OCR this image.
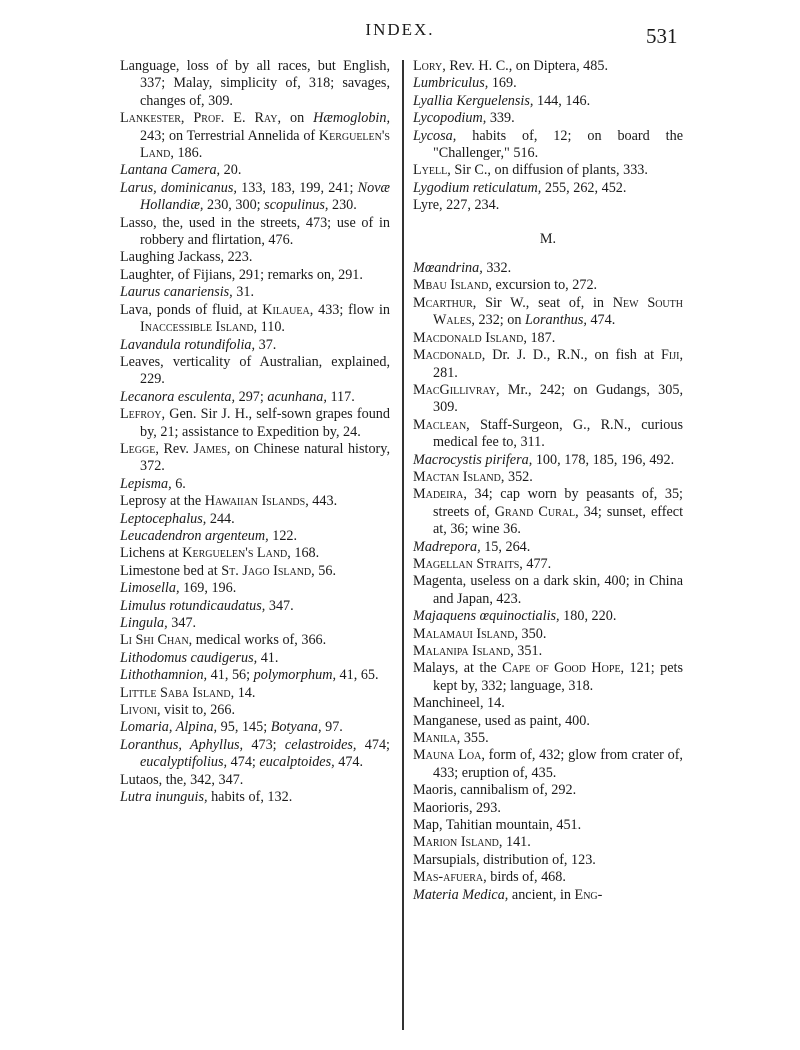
INDEX.	531

Language, loss of by all races, but English, 337; Malay, simplicity of, 318; savages, changes of, 309.

Lankester, Prof. E. Ray, on Hæmoglobin, 243; on Terrestrial Annelida of Kerguelen's Land, 186.

Lantana Camera, 20.

Larus, dominicanus, 133, 183, 199, 241; Novæ Hollandiæ, 230, 300; scopulinus, 230.

Lasso, the, used in the streets, 473; use of in robbery and flirtation, 476.

Laughing Jackass, 223.

Laughter, of Fijians, 291; remarks on, 291.

Laurus canariensis, 31.

Lava, ponds of fluid, at Kilauea, 433; flow in Inaccessible Island, 110.

Lavandula rotundifolia, 37.

Leaves, verticality of Australian, explained, 229.

Lecanora esculenta, 297; acunhana, 117.

Lefroy, Gen. Sir J. H., self-sown grapes found by, 21; assistance to Expedition by, 24.

Legge, Rev. James, on Chinese natural history, 372.

Lepisma, 6.

Leprosy at the Hawaiian Islands, 443.

Leptocephalus, 244.

Leucadendron argenteum, 122.

Lichens at Kerguelen's Land, 168.

Limestone bed at St. Jago Island, 56.

Limosella, 169, 196.

Limulus rotundicaudatus, 347.

Lingula, 347.

Li Shi Chan, medical works of, 366.

Lithodomus caudigerus, 41.

Lithothamnion, 41, 56; polymorphum, 41, 65.

Little Saba Island, 14.

Livoni, visit to, 266.

Lomaria, Alpina, 95, 145; Botyana, 97.

Loranthus, Aphyllus, 473; celastroides, 474; eucalyptifolius, 474; eucalptoides, 474.

Lutaos, the, 342, 347.

Lutra inunguis, habits of, 132.

Lory, Rev. H. C., on Diptera, 485.

Lumbriculus, 169.

Lyallia Kerguelensis, 144, 146.

Lycopodium, 339.

Lycosa, habits of, 12; on board the "Challenger," 516.

Lyell, Sir C., on diffusion of plants, 333.

Lygodium reticulatum, 255, 262, 452.

Lyre, 227, 234.

M.

Mœandrina, 332.

Mbau Island, excursion to, 272.

Mcarthur, Sir W., seat of, in New South Wales, 232; on Loranthus, 474.

Macdonald Island, 187.

Macdonald, Dr. J. D., R.N., on fish at Fiji, 281.

MacGillivray, Mr., 242; on Gudangs, 305, 309.

Maclean, Staff-Surgeon, G., R.N., curious medical fee to, 311.

Macrocystis pirifera, 100, 178, 185, 196, 492.

Mactan Island, 352.

Madeira, 34; cap worn by peasants of, 35; streets of, Grand Cural, 34; sunset, effect at, 36; wine 36.

Madrepora, 15, 264.

Magellan Straits, 477.

Magenta, useless on a dark skin, 400; in China and Japan, 423.

Majaquens œquinoctialis, 180, 220.

Malamaui Island, 350.

Malanipa Island, 351.

Malays, at the Cape of Good Hope, 121; pets kept by, 332; language, 318.

Manchineel, 14.

Manganese, used as paint, 400.

Manila, 355.

Mauna Loa, form of, 432; glow from crater of, 433; eruption of, 435.

Maoris, cannibalism of, 292.

Maorioris, 293.

Map, Tahitian mountain, 451.

Marion Island, 141.

Marsupials, distribution of, 123.

Mas-afuera, birds of, 468.

Materia Medica, ancient, in Eng-
